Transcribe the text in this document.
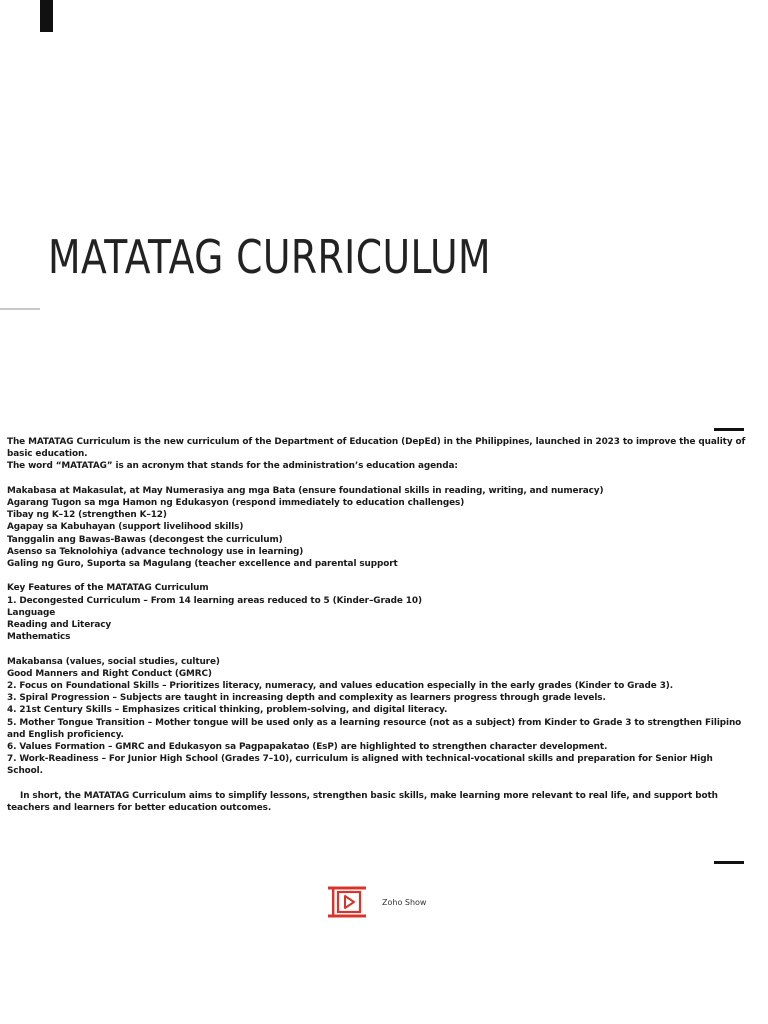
MATATAG CURRICULUM
The MATATAG Curriculum is the new curriculum of the Department of Education (DepEd) in the Philippines, launched in 2023 to improve the quality of basic education.
The word “MATATAG” is an acronym that stands for the administration’s education agenda:
Makabasa at Makasulat, at May Numerasiya ang mga Bata (ensure foundational skills in reading, writing, and numeracy)
Agarang Tugon sa mga Hamon ng Edukasyon (respond immediately to education challenges)
Tibay ng K–12 (strengthen K–12)
Agapay sa Kabuhayan (support livelihood skills)
Tanggalin ang Bawas-Bawas (decongest the curriculum)
Asenso sa Teknolohiya (advance technology use in learning)
Galing ng Guro, Suporta sa Magulang (teacher excellence and parental support
Key Features of the MATATAG Curriculum
1. Decongested Curriculum – From 14 learning areas reduced to 5 (Kinder–Grade 10)
Language
Reading and Literacy
Mathematics
Makabansa (values, social studies, culture)
Good Manners and Right Conduct (GMRC)
2. Focus on Foundational Skills – Prioritizes literacy, numeracy, and values education especially in the early grades (Kinder to Grade 3).
3. Spiral Progression – Subjects are taught in increasing depth and complexity as learners progress through grade levels.
4. 21st Century Skills – Emphasizes critical thinking, problem-solving, and digital literacy.
5. Mother Tongue Transition – Mother tongue will be used only as a learning resource (not as a subject) from Kinder to Grade 3 to strengthen Filipino and English proficiency.
6. Values Formation – GMRC and Edukasyon sa Pagpapakatao (EsP) are highlighted to strengthen character development.
7. Work-Readiness – For Junior High School (Grades 7–10), curriculum is aligned with technical-vocational skills and preparation for Senior High School.
In short, the MATATAG Curriculum aims to simplify lessons, strengthen basic skills, make learning more relevant to real life, and support both teachers and learners for better education outcomes.
Zoho Show
